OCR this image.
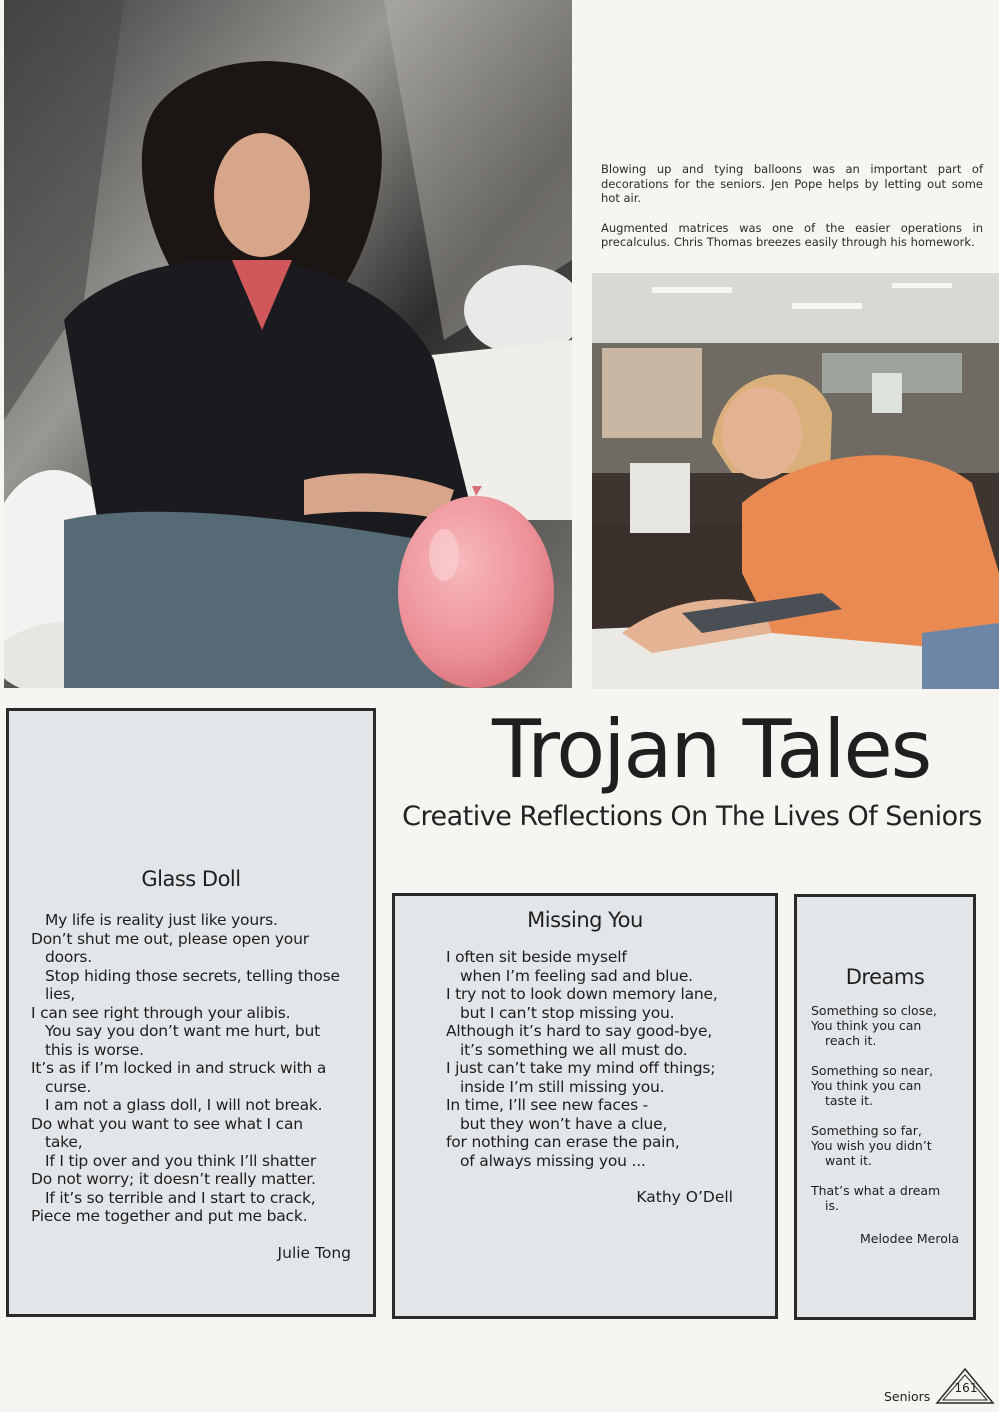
Blowing up and tying balloons was an important part of decorations for the seniors. Jen Pope helps by letting out some hot air.

Augmented matrices was one of the easier operations in precalculus. Chris Thomas breezes easily through his homework.

Trojan Tales
Creative Reflections On The Lives Of Seniors
Glass Doll
My life is reality just like yours.
Don’t shut me out, please open your
doors.
Stop hiding those secrets, telling those
lies,
I can see right through your alibis.
You say you don’t want me hurt, but
this is worse.
It’s as if I’m locked in and struck with a
curse.
I am not a glass doll, I will not break.
Do what you want to see what I can
take,
If I tip over and you think I’ll shatter
Do not worry; it doesn’t really matter.
If it’s so terrible and I start to crack,
Piece me together and put me back.
Julie Tong
Missing You
I often sit beside myself
when I’m feeling sad and blue.
I try not to look down memory lane,
but I can’t stop missing you.
Although it’s hard to say good-bye,
it’s something we all must do.
I just can’t take my mind off things;
inside I’m still missing you.
In time, I’ll see new faces -
but they won’t have a clue,
for nothing can erase the pain,
of always missing you ...
Kathy O’Dell
Dreams
Something so close,
You think you can
reach it.
Something so near,
You think you can
taste it.
Something so far,
You wish you didn’t
want it.
That’s what a dream
is.
Melodee Merola
Seniors
161
